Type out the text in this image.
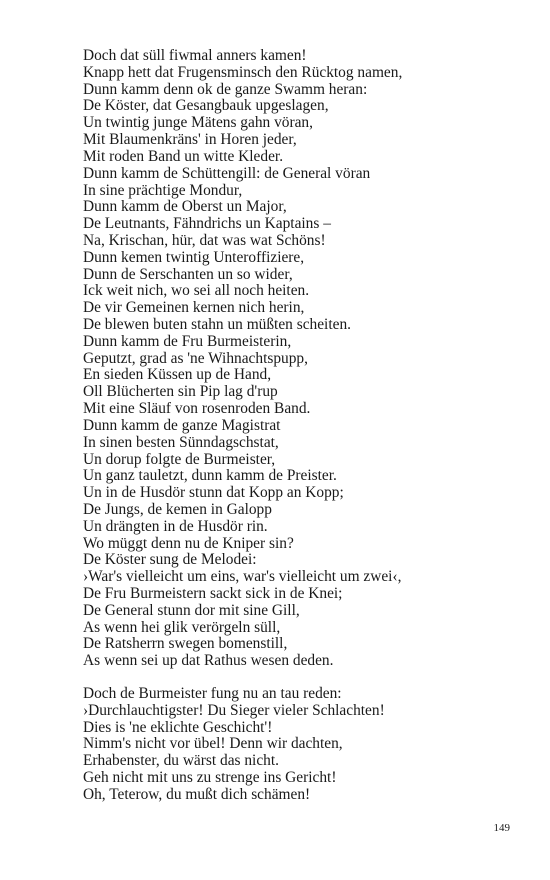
Doch dat süll fiwmal anners kamen!
Knapp hett dat Frugensminsch den Rücktog namen,
Dunn kamm denn ok de ganze Swamm heran:
De Köster, dat Gesangbauk upgeslagen,
Un twintig junge Mätens gahn vöran,
Mit Blaumenkräns' in Horen jeder,
Mit roden Band un witte Kleder.
Dunn kamm de Schüttengill: de General vöran
In sine prächtige Mondur,
Dunn kamm de Oberst un Major,
De Leutnants, Fähndrichs un Kaptains –
Na, Krischan, hür, dat was wat Schöns!
Dunn kemen twintig Unteroffiziere,
Dunn de Serschanten un so wider,
Ick weit nich, wo sei all noch heiten.
De vir Gemeinen kernen nich herin,
De blewen buten stahn un müßten scheiten.
Dunn kamm de Fru Burmeisterin,
Geputzt, grad as 'ne Wihnachtspupp,
En sieden Küssen up de Hand,
Oll Blücherten sin Pip lag d'rup
Mit eine Släuf von rosenroden Band.
Dunn kamm de ganze Magistrat
In sinen besten Sünndagschstat,
Un dorup folgte de Burmeister,
Un ganz tauletzt, dunn kamm de Preister.
Un in de Husdör stunn dat Kopp an Kopp;
De Jungs, de kemen in Galopp
Un drängten in de Husdör rin.
Wo müggt denn nu de Kniper sin?
De Köster sung de Melodei:
›War's vielleicht um eins, war's vielleicht um zwei‹,
De Fru Burmeistern sackt sick in de Knei;
De General stunn dor mit sine Gill,
As wenn hei glik verörgeln süll,
De Ratsherrn swegen bomenstill,
As wenn sei up dat Rathus wesen deden.
Doch de Burmeister fung nu an tau reden:
›Durchlauchtigster! Du Sieger vieler Schlachten!
Dies is 'ne eklichte Geschicht'!
Nimm's nicht vor übel! Denn wir dachten,
Erhabenster, du wärst das nicht.
Geh nicht mit uns zu strenge ins Gericht!
Oh, Teterow, du mußt dich schämen!
149
